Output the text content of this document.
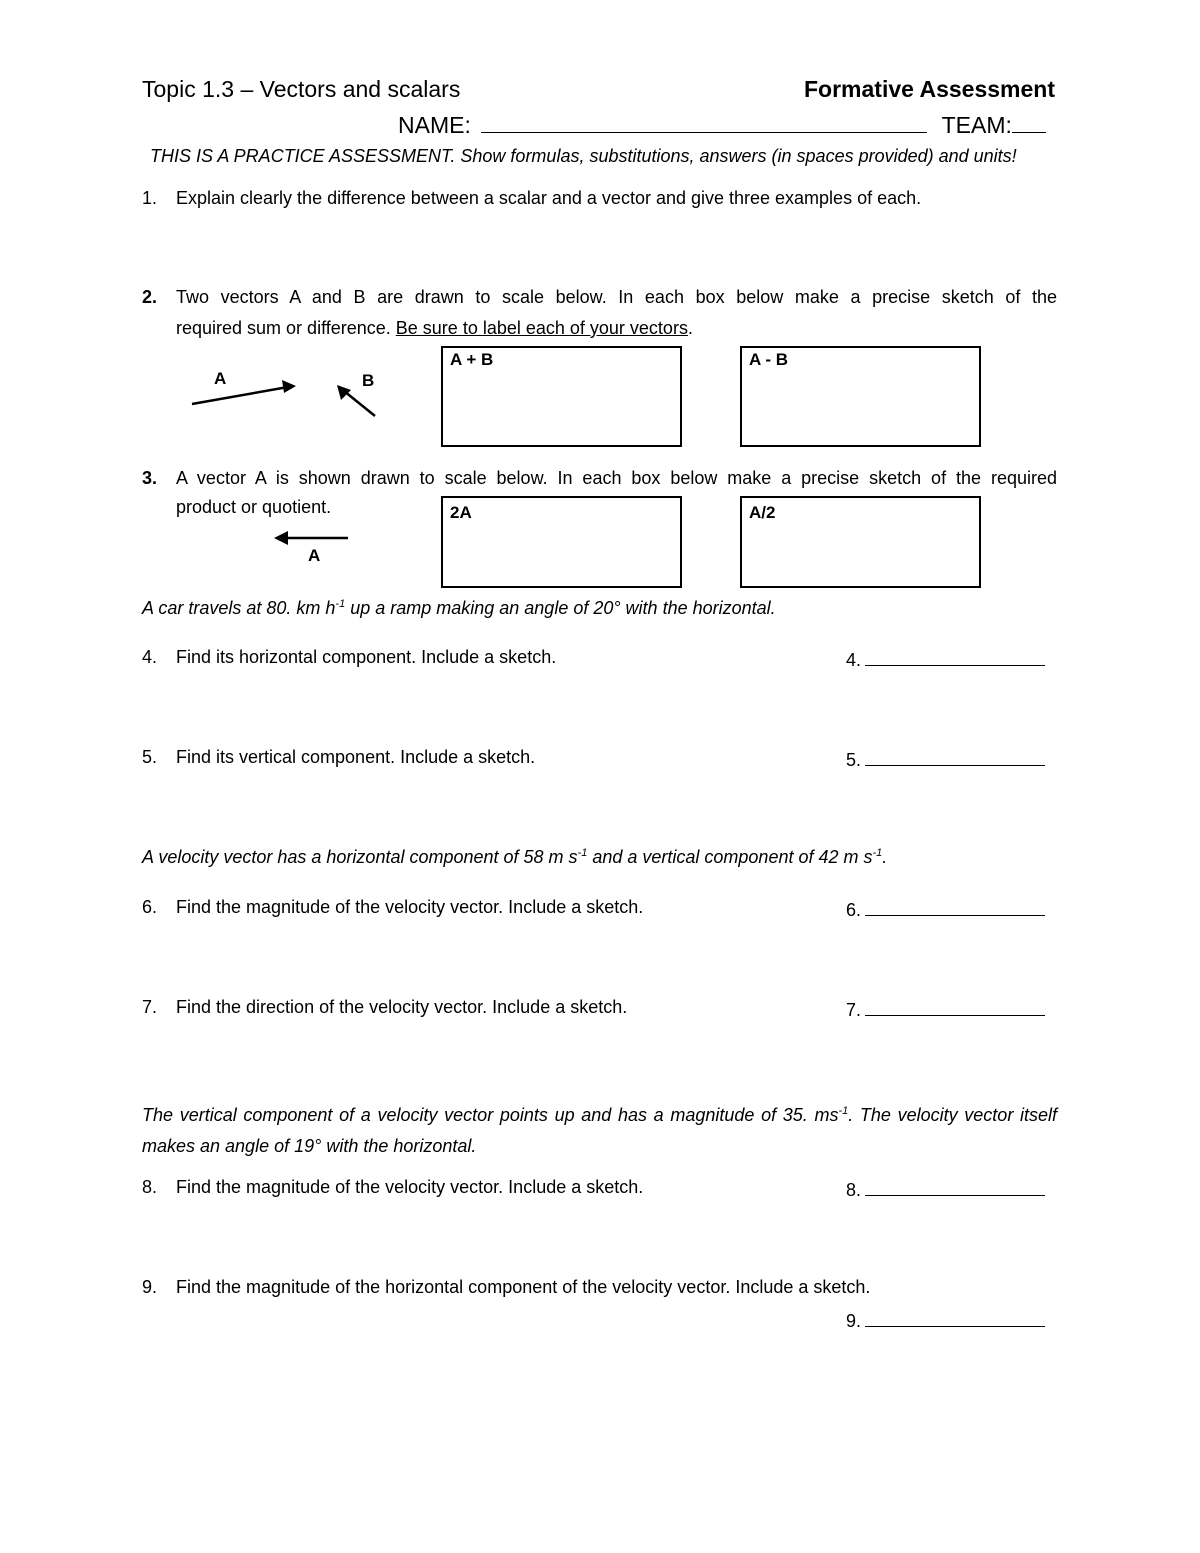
Topic 1.3 – Vectors and scalars	Formative Assessment
NAME:	TEAM:
THIS IS A PRACTICE ASSESSMENT. Show formulas, substitutions, answers (in spaces provided) and units!
1. Explain clearly the difference between a scalar and a vector and give three examples of each.
2. Two vectors A and B are drawn to scale below. In each box below make a precise sketch of the
required sum or difference. Be sure to label each of your vectors.
A	B
A + B	A - B
3. A vector A is shown drawn to scale below. In each box below make a precise sketch of the required
product or quotient.
A
2A	A/2
A car travels at 80. km $h^{-1}$ up a ramp making an angle of 20° with the horizontal.
4. Find its horizontal component. Include a sketch.	4.
5. Find its vertical component. Include a sketch.	5.
A velocity vector has a horizontal component of 58 m $s^{-1}$ and a vertical component of 42 m $s^{-1}$.
6. Find the magnitude of the velocity vector. Include a sketch.	6.
7. Find the direction of the velocity vector. Include a sketch.	7.
The vertical component of a velocity vector points up and has a magnitude of 35. $ms^{-1}$. The velocity vector itself makes an angle of 19° with the horizontal.
8. Find the magnitude of the velocity vector. Include a sketch.	8.
9. Find the magnitude of the horizontal component of the velocity vector. Include a sketch.
9.
